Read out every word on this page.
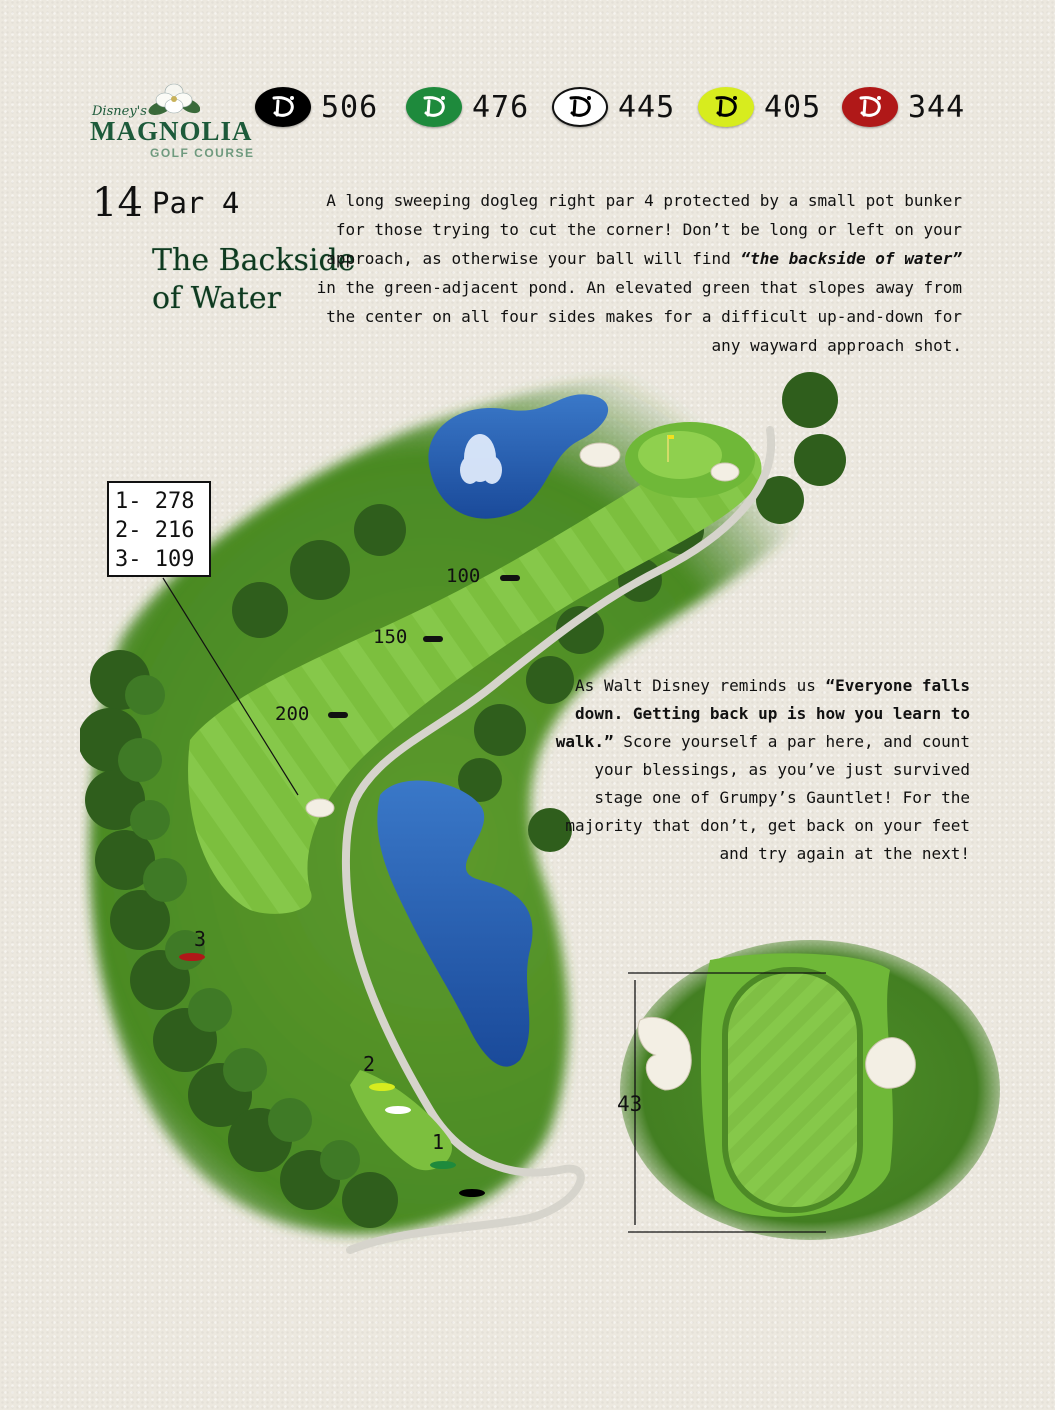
Disney's
MAGNOLIA
GOLF COURSE
506	476	445	405	344
14 Par 4
The Backside of Water
A long sweeping dogleg right par 4 protected by a small pot bunker for those trying to cut the corner! Don’t be long or left on your approach, as otherwise your ball will find “the backside of water” in the green-adjacent pond. An elevated green that slopes away from the center on all four sides makes for a difficult up-and-down for any wayward approach shot.
43
1- 278
2- 216
3- 109
100
150
200
1
2
3
As Walt Disney reminds us “Everyone falls down. Getting back up is how you learn to walk.” Score yourself a par here, and count your blessings, as you’ve just survived stage one of Grumpy’s Gauntlet! For the majority that don’t, get back on your feet and try again at the next!
